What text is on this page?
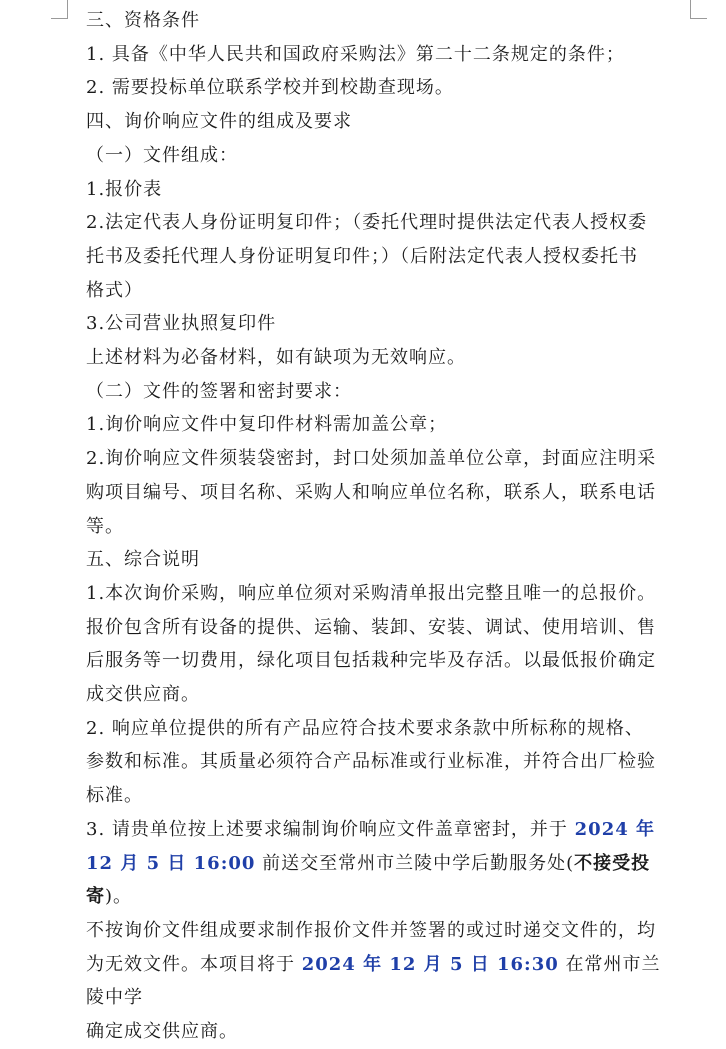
三、资格条件

1. 具备《中华人民共和国政府采购法》第二十二条规定的条件；

2. 需要投标单位联系学校并到校勘查现场。

四、询价响应文件的组成及要求

（一）文件组成：

1.报价表

2.法定代表人身份证明复印件；（委托代理时提供法定代表人授权委

托书及委托代理人身份证明复印件；）（后附法定代表人授权委托书

格式）

3.公司营业执照复印件

上述材料为必备材料，如有缺项为无效响应。

（二）文件的签署和密封要求：

1.询价响应文件中复印件材料需加盖公章；

2.询价响应文件须装袋密封，封口处须加盖单位公章，封面应注明采

购项目编号、项目名称、采购人和响应单位名称，联系人，联系电话

等。

五、综合说明

1.本次询价采购，响应单位须对采购清单报出完整且唯一的总报价。

报价包含所有设备的提供、运输、装卸、安装、调试、使用培训、售

后服务等一切费用，绿化项目包括栽种完毕及存活。以最低报价确定

成交供应商。

2. 响应单位提供的所有产品应符合技术要求条款中所标称的规格、

参数和标准。其质量必须符合产品标准或行业标准，并符合出厂检验

标准。

3. 请贵单位按上述要求编制询价响应文件盖章密封，并于 2024 年

12 月 5 日 16:00 前送交至常州市兰陵中学后勤服务处(不接受投寄)。

不按询价文件组成要求制作报价文件并签署的或过时递交文件的，均

为无效文件。本项目将于 2024 年 12 月 5 日 16:30 在常州市兰陵中学

确定成交供应商。
